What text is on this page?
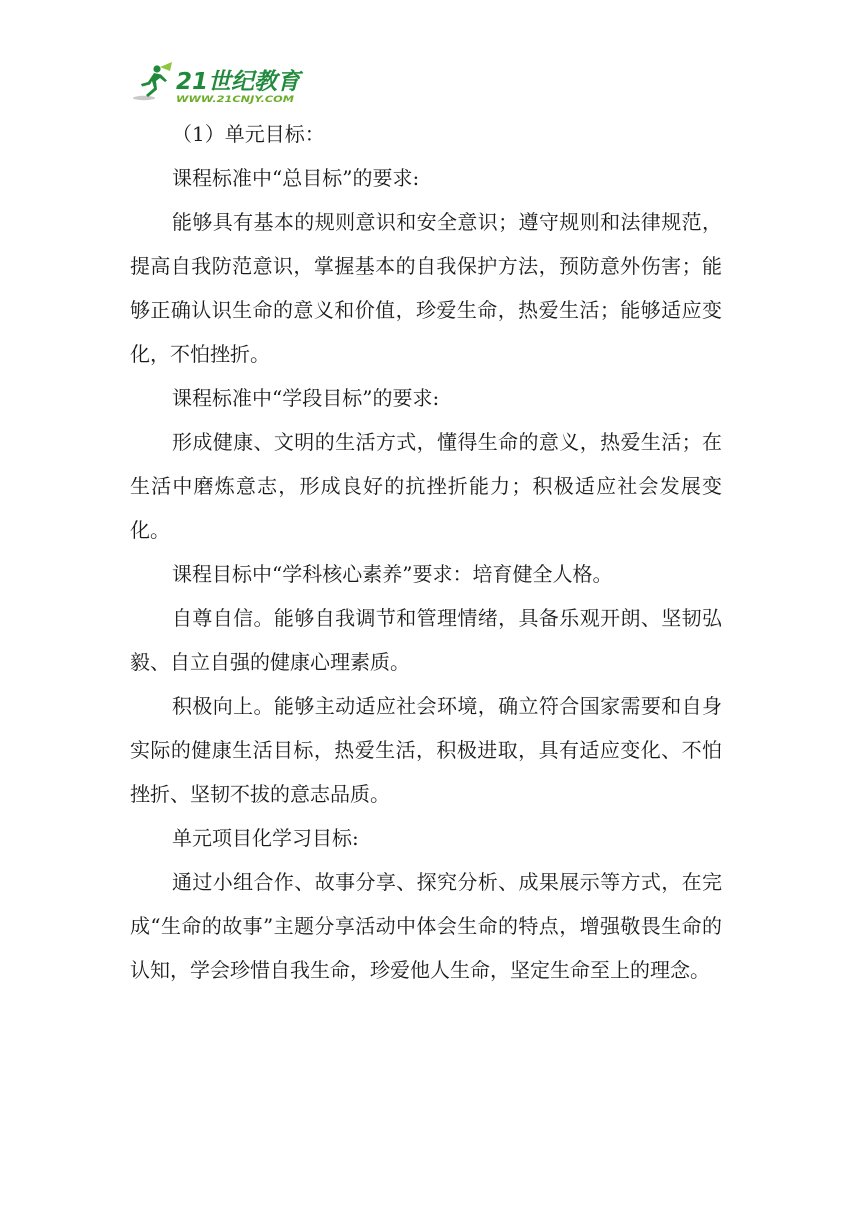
21世纪教育
WWW.21CNJY.COM

（1）单元目标：

课程标准中“总目标”的要求:

能够具有基本的规则意识和安全意识；遵守规则和法律规范，提高自我防范意识，掌握基本的自我保护方法，预防意外伤害；能够正确认识生命的意义和价值，珍爱生命，热爱生活；能够适应变化，不怕挫折。

课程标准中“学段目标”的要求:

形成健康、文明的生活方式，懂得生命的意义，热爱生活；在生活中磨炼意志，形成良好的抗挫折能力；积极适应社会发展变化。

课程目标中“学科核心素养”要求：培育健全人格。

自尊自信。能够自我调节和管理情绪，具备乐观开朗、坚韧弘毅、自立自强的健康心理素质。

积极向上。能够主动适应社会环境，确立符合国家需要和自身实际的健康生活目标，热爱生活，积极进取，具有适应变化、不怕挫折、坚韧不拔的意志品质。

单元项目化学习目标:

通过小组合作、故事分享、探究分析、成果展示等方式，在完成“生命的故事”主题分享活动中体会生命的特点，增强敬畏生命的认知，学会珍惜自我生命，珍爱他人生命，坚定生命至上的理念。
